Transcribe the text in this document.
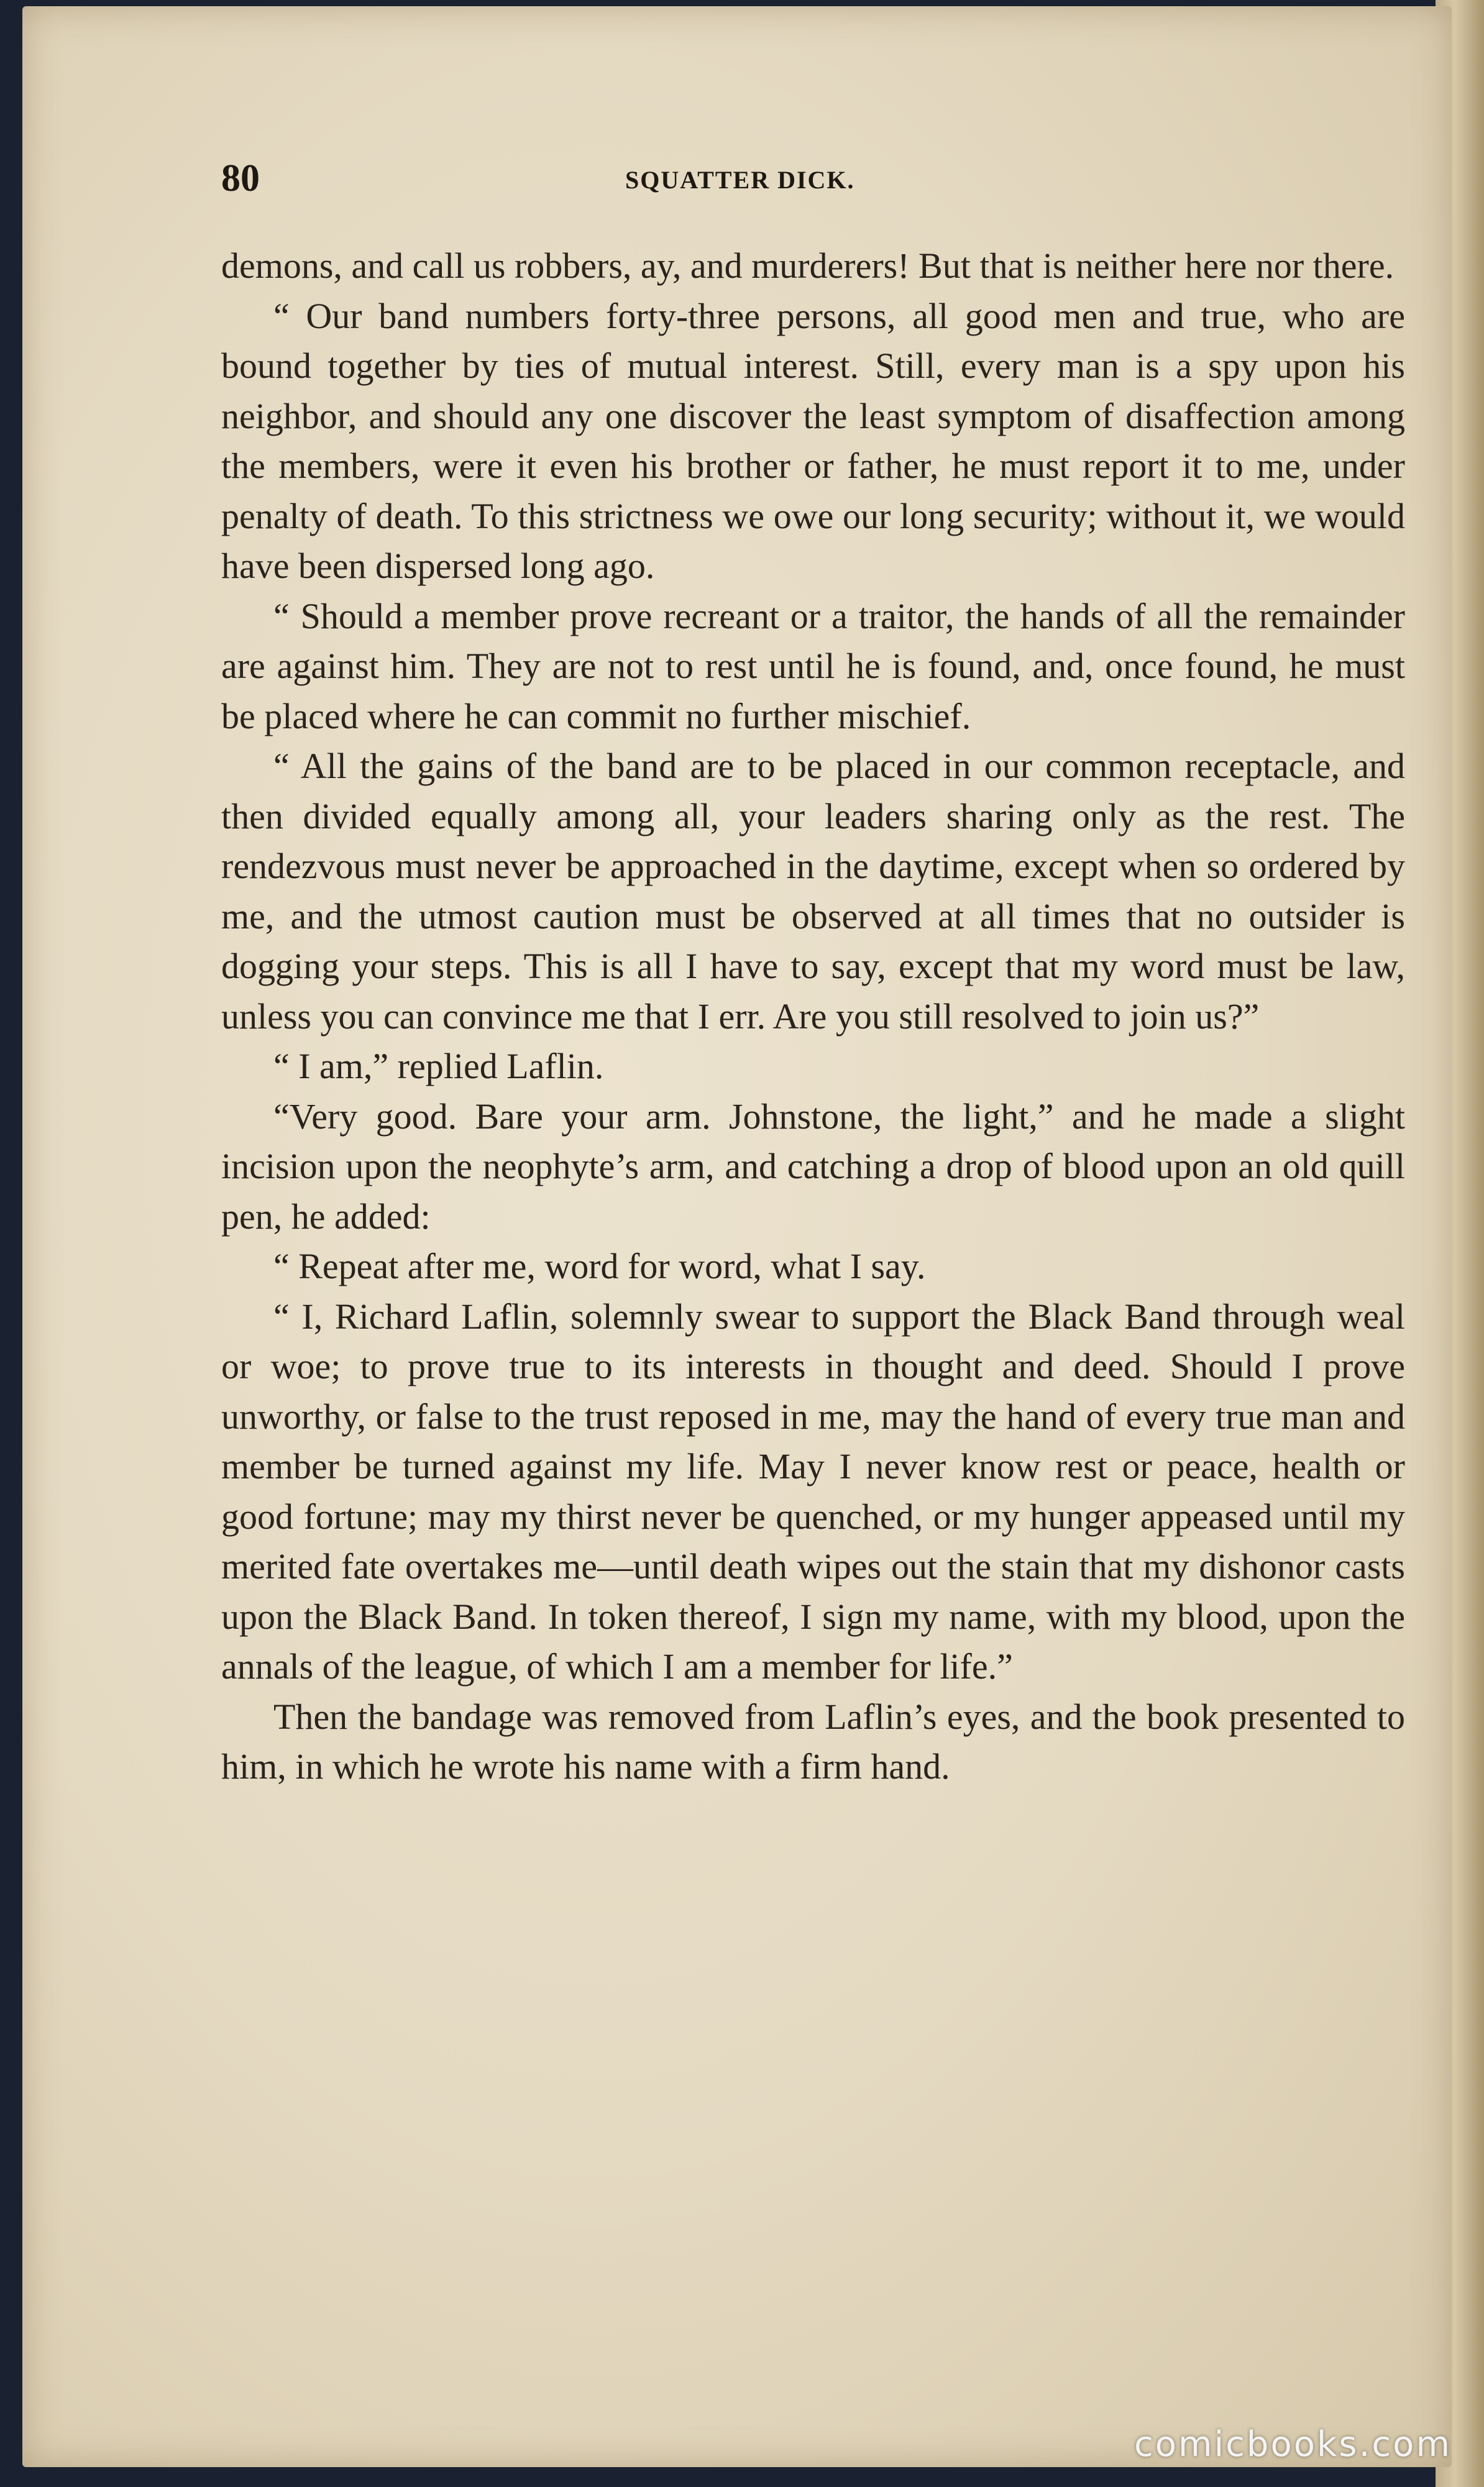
80	SQUATTER DICK.

demons, and call us robbers, ay, and murderers! But that is neither here nor there.

“ Our band numbers forty-three persons, all good men and true, who are bound together by ties of mutual interest. Still, every man is a spy upon his neighbor, and should any one discover the least symptom of disaffection among the members, were it even his brother or father, he must report it to me, under penalty of death. To this strictness we owe our long security; without it, we would have been dispersed long ago.

“ Should a member prove recreant or a traitor, the hands of all the remainder are against him. They are not to rest until he is found, and, once found, he must be placed where he can commit no further mischief.

“ All the gains of the band are to be placed in our common receptacle, and then divided equally among all, your leaders sharing only as the rest. The rendezvous must never be approached in the daytime, except when so ordered by me, and the utmost caution must be observed at all times that no outsider is dogging your steps. This is all I have to say, except that my word must be law, unless you can convince me that I err. Are you still resolved to join us?”

“ I am,” replied Laflin.

“Very good. Bare your arm. Johnstone, the light,” and he made a slight incision upon the neophyte’s arm, and catching a drop of blood upon an old quill pen, he added:

“ Repeat after me, word for word, what I say.

“ I, Richard Laflin, solemnly swear to support the Black Band through weal or woe; to prove true to its interests in thought and deed. Should I prove unworthy, or false to the trust reposed in me, may the hand of every true man and member be turned against my life. May I never know rest or peace, health or good fortune; may my thirst never be quenched, or my hunger appeased until my merited fate overtakes me—until death wipes out the stain that my dishonor casts upon the Black Band. In token thereof, I sign my name, with my blood, upon the annals of the league, of which I am a member for life.”

Then the bandage was removed from Laflin’s eyes, and the book presented to him, in which he wrote his name with a firm hand.

comicbooks.com
